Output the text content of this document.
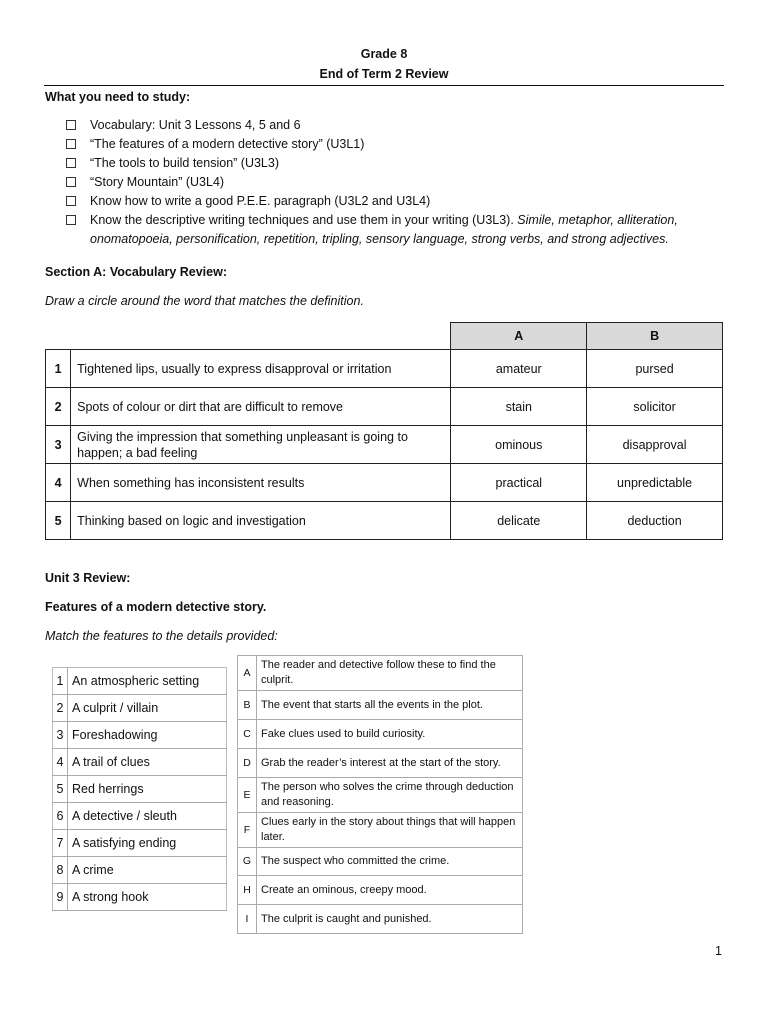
Grade 8
End of Term 2 Review
What you need to study:
Vocabulary: Unit 3 Lessons 4, 5 and 6
“The features of a modern detective story” (U3L1)
“The tools to build tension” (U3L3)
“Story Mountain” (U3L4)
Know how to write a good P.E.E. paragraph (U3L2 and U3L4)
Know the descriptive writing techniques and use them in your writing (U3L3). Simile, metaphor, alliteration, onomatopoeia, personification, repetition, tripling, sensory language, strong verbs, and strong adjectives.
Section A: Vocabulary Review:
Draw a circle around the word that matches the definition.
		A	B
1	Tightened lips, usually to express disapproval or irritation	amateur	pursed
2	Spots of colour or dirt that are difficult to remove	stain	solicitor
3	Giving the impression that something unpleasant is going to happen; a bad feeling	ominous	disapproval
4	When something has inconsistent results	practical	unpredictable
5	Thinking based on logic and investigation	delicate	deduction
Unit 3 Review:
Features of a modern detective story.
Match the features to the details provided:
1	An atmospheric setting
2	A culprit / villain
3	Foreshadowing
4	A trail of clues
5	Red herrings
6	A detective / sleuth
7	A satisfying ending
8	A crime
9	A strong hook
A	The reader and detective follow these to find the culprit.
B	The event that starts all the events in the plot.
C	Fake clues used to build curiosity.
D	Grab the reader’s interest at the start of the story.
E	The person who solves the crime through deduction and reasoning.
F	Clues early in the story about things that will happen later.
G	The suspect who committed the crime.
H	Create an ominous, creepy mood.
I	The culprit is caught and punished.
1
